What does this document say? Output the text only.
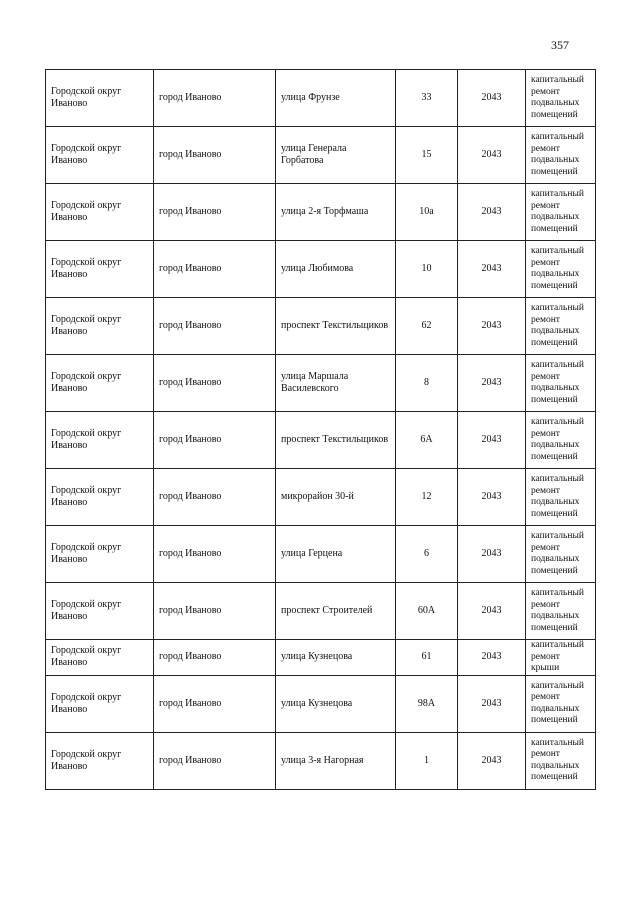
357
Городской округ Иваново	город Иваново	улица Фрунзе	33	2043	капитальный ремонт подвальных помещений
Городской округ Иваново	город Иваново	улица Генерала Горбатова	15	2043	капитальный ремонт подвальных помещений
Городской округ Иваново	город Иваново	улица 2-я Торфмаша	10а	2043	капитальный ремонт подвальных помещений
Городской округ Иваново	город Иваново	улица Любимова	10	2043	капитальный ремонт подвальных помещений
Городской округ Иваново	город Иваново	проспект Текстильщиков	62	2043	капитальный ремонт подвальных помещений
Городской округ Иваново	город Иваново	улица Маршала Василевского	8	2043	капитальный ремонт подвальных помещений
Городской округ Иваново	город Иваново	проспект Текстильщиков	6А	2043	капитальный ремонт подвальных помещений
Городской округ Иваново	город Иваново	микрорайон 30-й	12	2043	капитальный ремонт подвальных помещений
Городской округ Иваново	город Иваново	улица Герцена	6	2043	капитальный ремонт подвальных помещений
Городской округ Иваново	город Иваново	проспект Строителей	60А	2043	капитальный ремонт подвальных помещений
Городской округ Иваново	город Иваново	улица Кузнецова	61	2043	капитальный ремонт крыши
Городской округ Иваново	город Иваново	улица Кузнецова	98А	2043	капитальный ремонт подвальных помещений
Городской округ Иваново	город Иваново	улица 3-я Нагорная	1	2043	капитальный ремонт подвальных помещений
